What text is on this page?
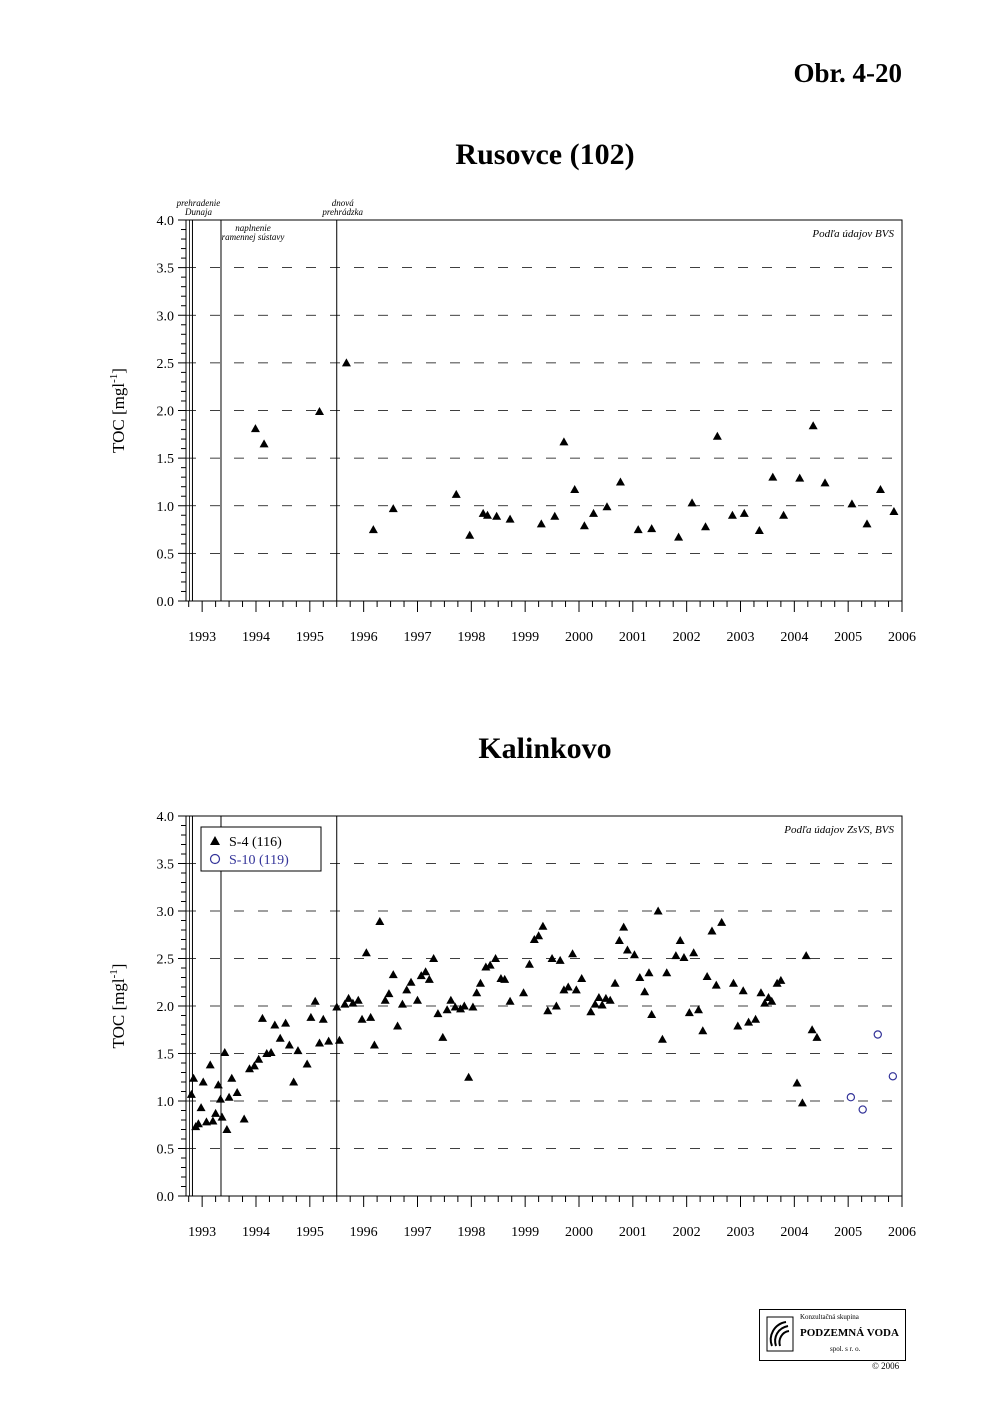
Obr. 4-20
Rusovce (102)
Kalinkovo
0.0
0.5
1.0
1.5
2.0
2.5
3.0
3.5
4.0
1993 1994 1995 1996 1997 1998 1999 2000 2001 2002 2003 2004 2005 2006
TOC [mgl$^{-1}$]
prehradenie
Dunaja
naplnenie
ramennej sústavy
dnová
prehrádzka
Podľa údajov BVS
0.0
0.5
1.0
1.5
2.0
2.5
3.0
3.5
4.0
1993 1994 1995 1996 1997 1998 1999 2000 2001 2002 2003 2004 2005 2006
TOC [mgl$^{-1}$]
Podľa údajov ZsVS, BVS
S-4 (116)
S-10 (119)
Konzultačná skupina
PODZEMNÁ VODA
spol. s r. o.
© 2006
